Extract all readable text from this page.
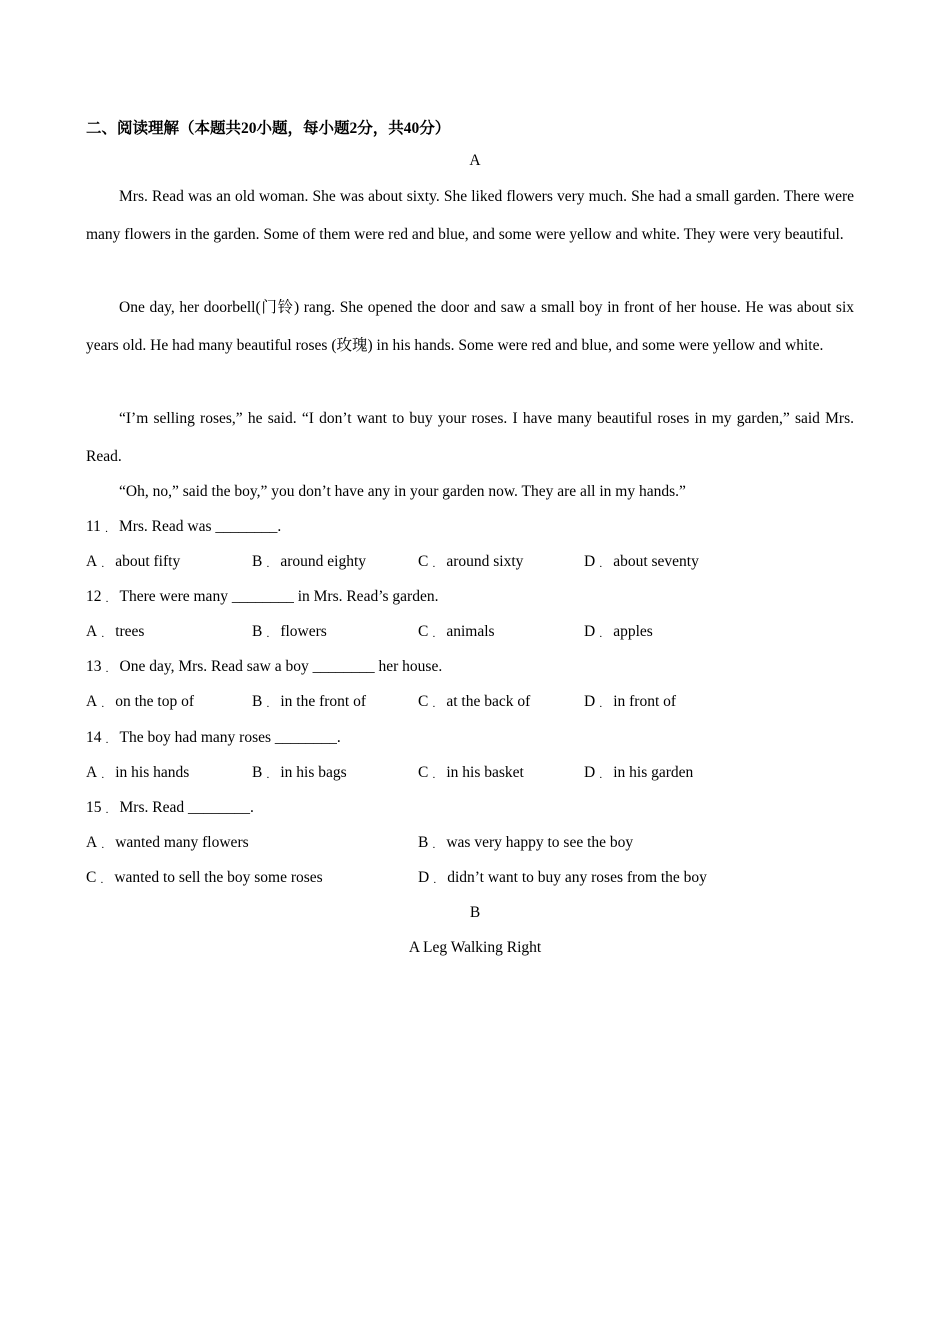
二、阅读理解（本题共20小题，每小题2分，共40分）
A
Mrs. Read was an old woman. She was about sixty. She liked flowers very much. She had a small garden. There were many flowers in the garden. Some of them were red and blue, and some were yellow and white. They were very beautiful.
One day, her doorbell(门铃) rang. She opened the door and saw a small boy in front of her house. He was about six years old. He had many beautiful roses (玫瑰) in his hands. Some were red and blue, and some were yellow and white.
“I’m selling roses,” he said. “I don’t want to buy your roses. I have many beautiful roses in my garden,” said Mrs. Read.
“Oh, no,” said the boy,” you don’t have any in your garden now. They are all in my hands.”
11 ． Mrs. Read was ________.
A ． about fifty	B ． around eighty	C ． around sixty	D ． about seventy
12 ． There were many ________ in Mrs. Read’s garden.
A ． trees	B ． flowers	C ． animals	D ． apples
13 ． One day, Mrs. Read saw a boy ________ her house.
A ． on the top of	B ． in the front of	C ． at the back of	D ． in front of
14 ． The boy had many roses ________.
A ． in his hands	B ． in his bags	C ． in his basket	D ． in his garden
15 ． Mrs. Read ________.
A ． wanted many flowers	B ． was very happy to see the boy
C ． wanted to sell the boy some roses	D ． didn’t want to buy any roses from the boy
B
A Leg Walking Right
